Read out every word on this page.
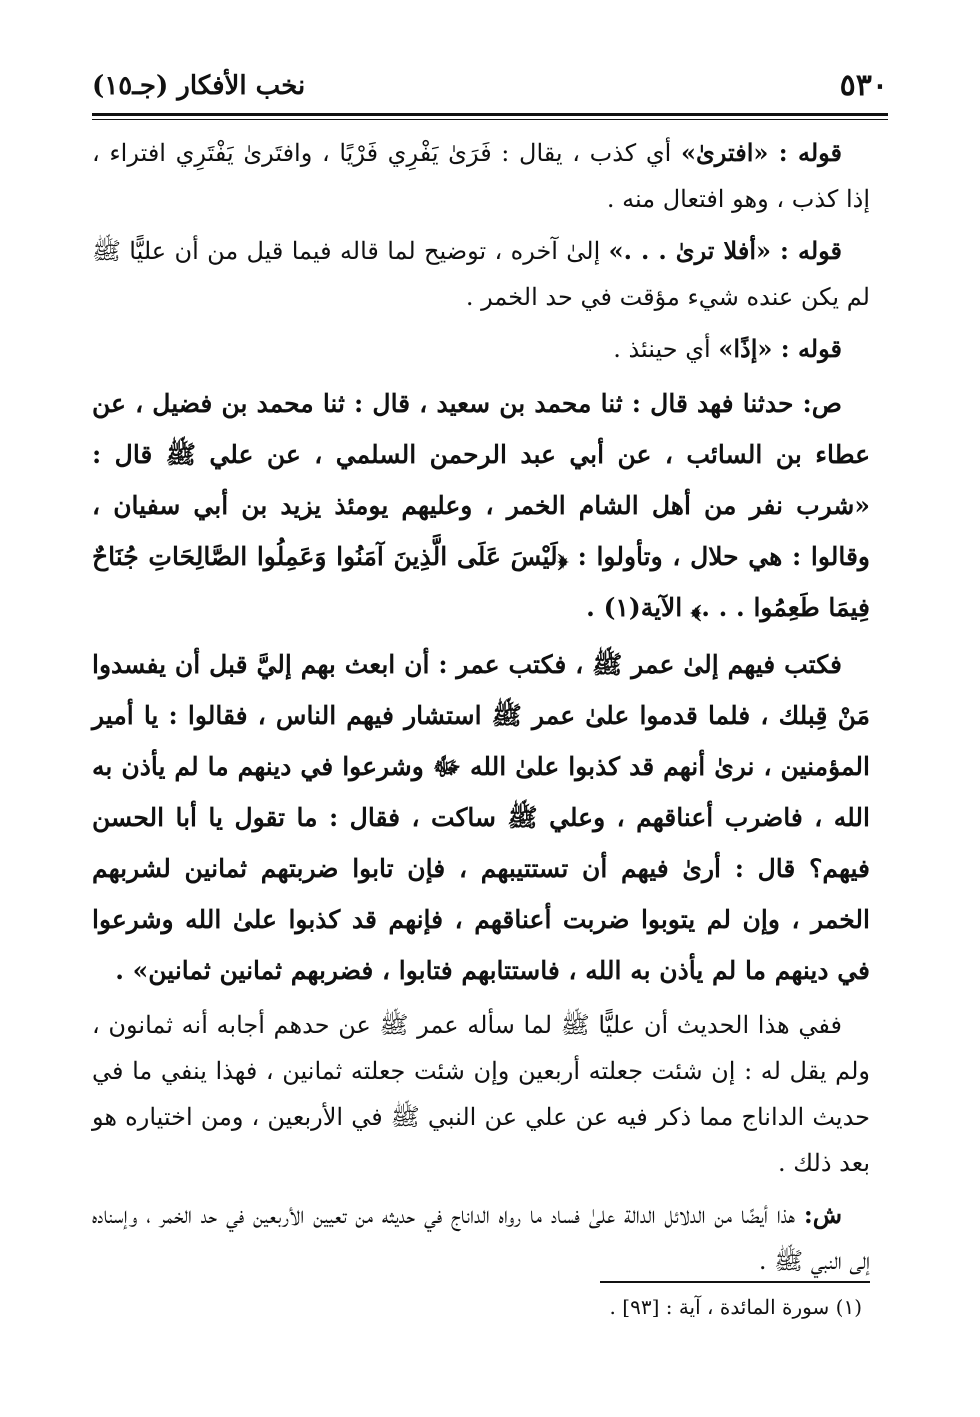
٥٣٠
نخب الأفكار (جـ١٥)

قوله : «افترىٰ» أي كذب ، يقال : فَرَىٰ يَفْرِي فَرْيًا ، وافتَرىٰ يَفْتَرِي افتراء ، إذا كذب ، وهو افتعال منه .

قوله : «أفلا ترىٰ . . .» إلىٰ آخره ، توضيح لما قاله فيما قيل من أن عليًّا ﷺ لم يكن عنده شيء مؤقت في حد الخمر .

قوله : «إذًا» أي حينئذ .

ص: حدثنا فهد قال : ثنا محمد بن سعيد ، قال : ثنا محمد بن فضيل ، عن عطاء بن السائب ، عن أبي عبد الرحمن السلمي ، عن علي ﷺ قال : «شرب نفر من أهل الشام الخمر ، وعليهم يومئذ يزيد بن أبي سفيان ، وقالوا : هي حلال ، وتأولوا : ﴿لَيْسَ عَلَى الَّذِينَ آمَنُوا وَعَمِلُوا الصَّالِحَاتِ جُنَاحٌ فِيمَا طَعِمُوا . . .﴾ الآية(١) .

فكتب فيهم إلىٰ عمر ﷺ ، فكتب عمر : أن ابعث بهم إليَّ قبل أن يفسدوا مَنْ قِبلك ، فلما قدموا علىٰ عمر ﷺ استشار فيهم الناس ، فقالوا : يا أمير المؤمنين ، نرىٰ أنهم قد كذبوا علىٰ الله ﷻ وشرعوا في دينهم ما لم يأذن به الله ، فاضرب أعناقهم ، وعلي ﷺ ساكت ، فقال : ما تقول يا أبا الحسن فيهم؟ قال : أرىٰ فيهم أن تستتيبهم ، فإن تابوا ضربتهم ثمانين لشربهم الخمر ، وإن لم يتوبوا ضربت أعناقهم ، فإنهم قد كذبوا علىٰ الله وشرعوا في دينهم ما لم يأذن به الله ، فاستتابهم فتابوا ، فضربهم ثمانين ثمانين» .

ففي هذا الحديث أن عليًّا ﷺ لما سأله عمر ﷺ عن حدهم أجابه أنه ثمانون ، ولم يقل له : إن شئت جعلته أربعين وإن شئت جعلته ثمانين ، فهذا ينفي ما في حديث الداناج مما ذكر فيه عن علي عن النبي ﷺ في الأربعين ، ومن اختياره هو بعد ذلك .

ش: هذا أيضًا من الدلائل الدالة علىٰ فساد ما رواه الداناج في حديثه من تعيين الأربعين في حد الخمر ، وإسناده إلى النبي ﷺ .

(١) سورة المائدة ، آية : [٩٣] .
